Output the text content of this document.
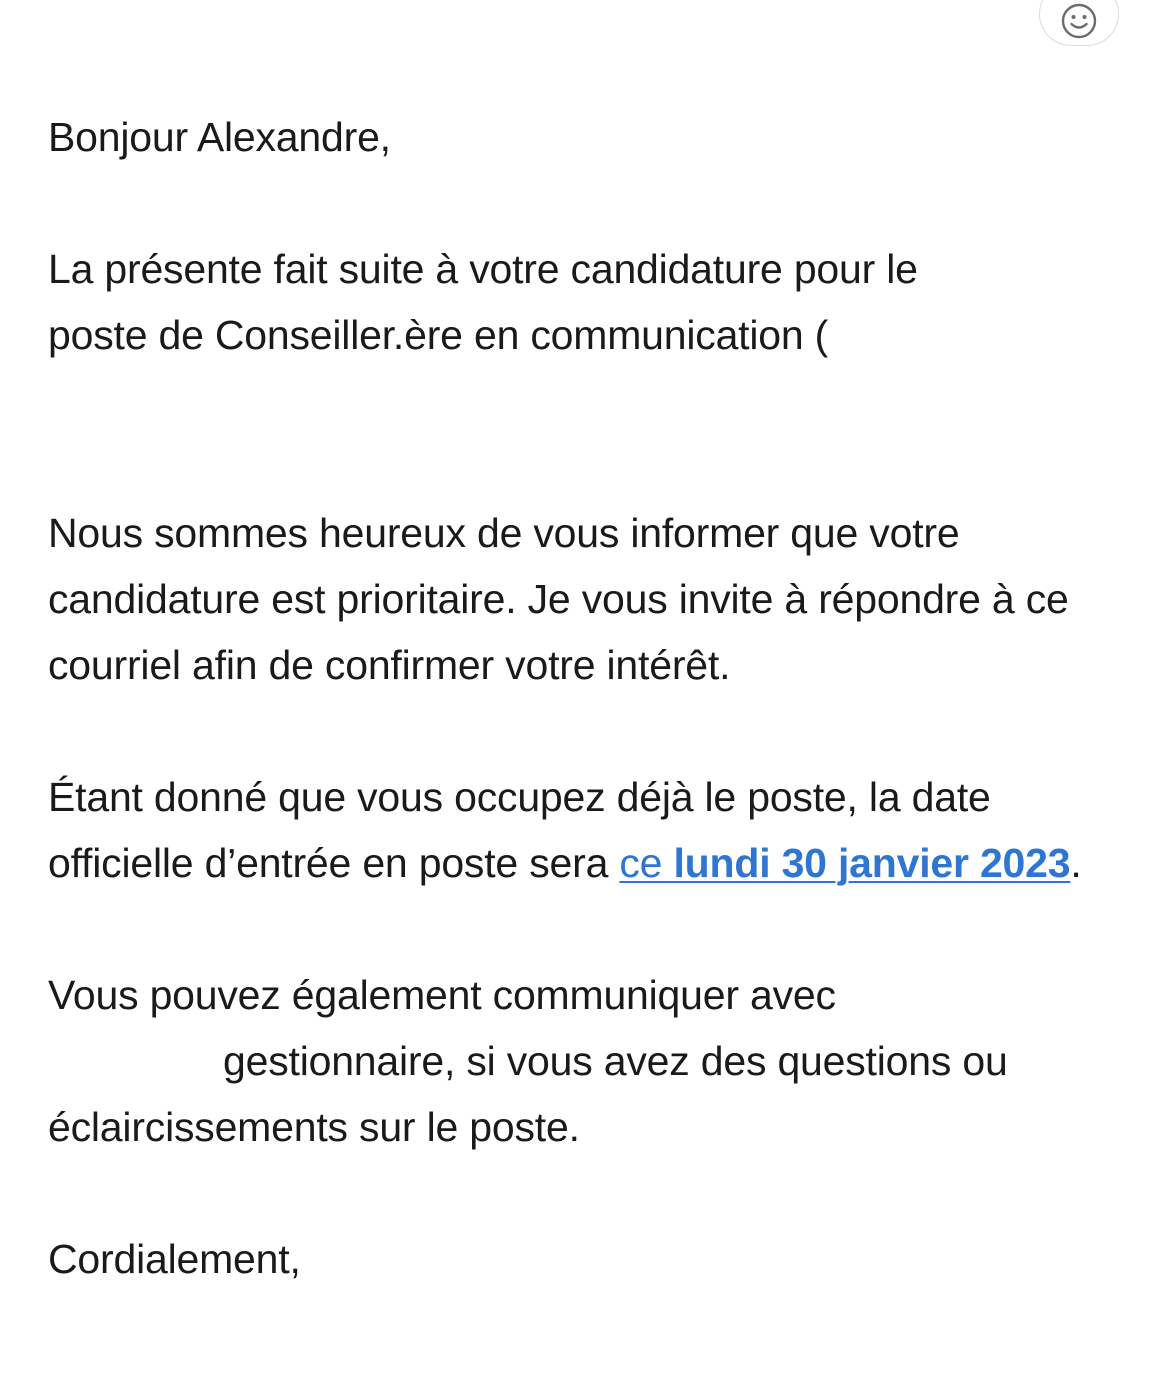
Bonjour Alexandre,

La présente fait suite à votre candidature pour le
poste de Conseiller.ère en communication (

Nous sommes heureux de vous informer que votre candidature est prioritaire. Je vous invite à répondre à ce courriel afin de confirmer votre intérêt.

Étant donné que vous occupez déjà le poste, la date officielle d’entrée en poste sera ce lundi 30 janvier 2023.

Vous pouvez également communiquer avec
gestionnaire, si vous avez des questions ou éclaircissements sur le poste.

Cordialement,
